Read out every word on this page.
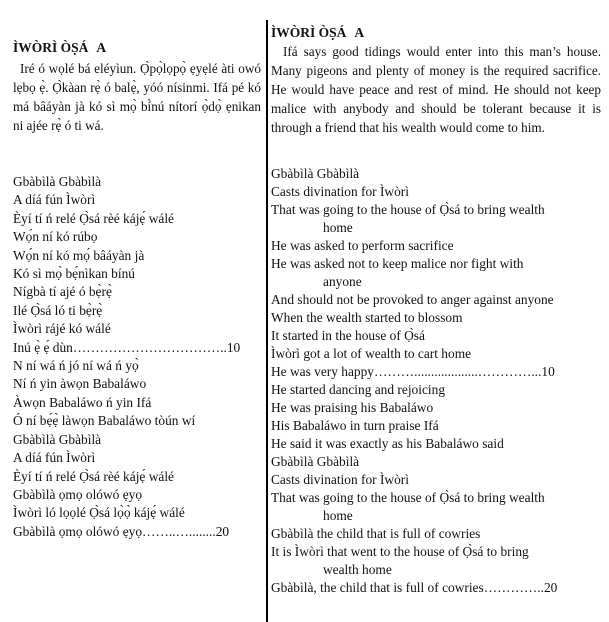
ÌWÒRÌ ÒṢÁ A

Iré ó wọlé bá eléyìun. Ọ̀pọ̀lọpọ̀ ẹyẹlé àti owó lẹbọ ẹ̀. Ọ̀kàan rẹ̀ ó balẹ̀, yóó nísinmi. Ifá pé kó má bâáyàn jà kó sì mọ̀ bí̀nú nítorí ọ̀dọ̀ ẹnikan ni ajée rẹ̀ ó ti wá.

Gbàbìlà Gbàbìlà
A díá fún Ìwòrì
Èyí tí ń relé Ọ̀sá rèé kájẹ́ wálé
Wọ́n ní kó rúbọ
Wọ́n ní kó mọ́ bâáyàn jà
Kó sì mọ̀ bẹ́nìkan bínú
Nígbà tí ajé ó bẹ̀rẹ̀
Ilé Ọ̀sá ló ti bẹ̀rẹ̀
Ìwòrì rájé kó wálé
Inú ẹ̀ ẹ́ dùn……………………………..10
N ní wá ń jó ní wá ń yọ̀
Ní ń yin àwọn Babaláwo
Àwọn Babaláwo ń yin Ifá
Ó ní bẹ́ẹ̀ làwọn Babaláwo tòún wí
Gbàbìlà Gbàbìlà
A díá fún Ìwòrì
Èyí tí ń relé Ọ̀sá rèé kájẹ́ wálé
Gbàbìlà ọmọ olówó ẹyọ
Ìwòrì ló lọọlé Ọ̀sá lọ̀ọ̀ kájẹ́ wálé
Gbàbìlà ọmọ olówó ẹyọ……..…........20

ÌWÒRÌ ÒṢÁ A

Ifá says good tidings would enter into this man’s house. Many pigeons and plenty of money is the required sacrifice. He would have peace and rest of mind. He should not keep malice with anybody and should be tolerant because it is through a friend that his wealth would come to him.

Gbàbìlà Gbàbìlà
Casts divination for Ìwòrì
That was going to the house of Ọ̀sá to bring wealth
home
He was asked to perform sacrifice
He was asked not to keep malice nor fight with
anyone
And should not be provoked to anger against anyone
When the wealth started to blossom
It started in the house of Ọ̀sá
Ìwòrì got a lot of wealth to cart home
He was very happy………...................…………...10
He started dancing and rejoicing
He was praising his Babaláwo
His Babaláwo in turn praise Ifá
He said it was exactly as his Babaláwo said
Gbàbìlà Gbàbìlà
Casts divination for Ìwòrì
That was going to the house of Ọ̀sá to bring wealth
home
Gbàbìlà the child that is full of cowries
It is Ìwòrì that went to the house of Ọ̀sá to bring
wealth home
Gbàbìlà, the child that is full of cowries…………..20
